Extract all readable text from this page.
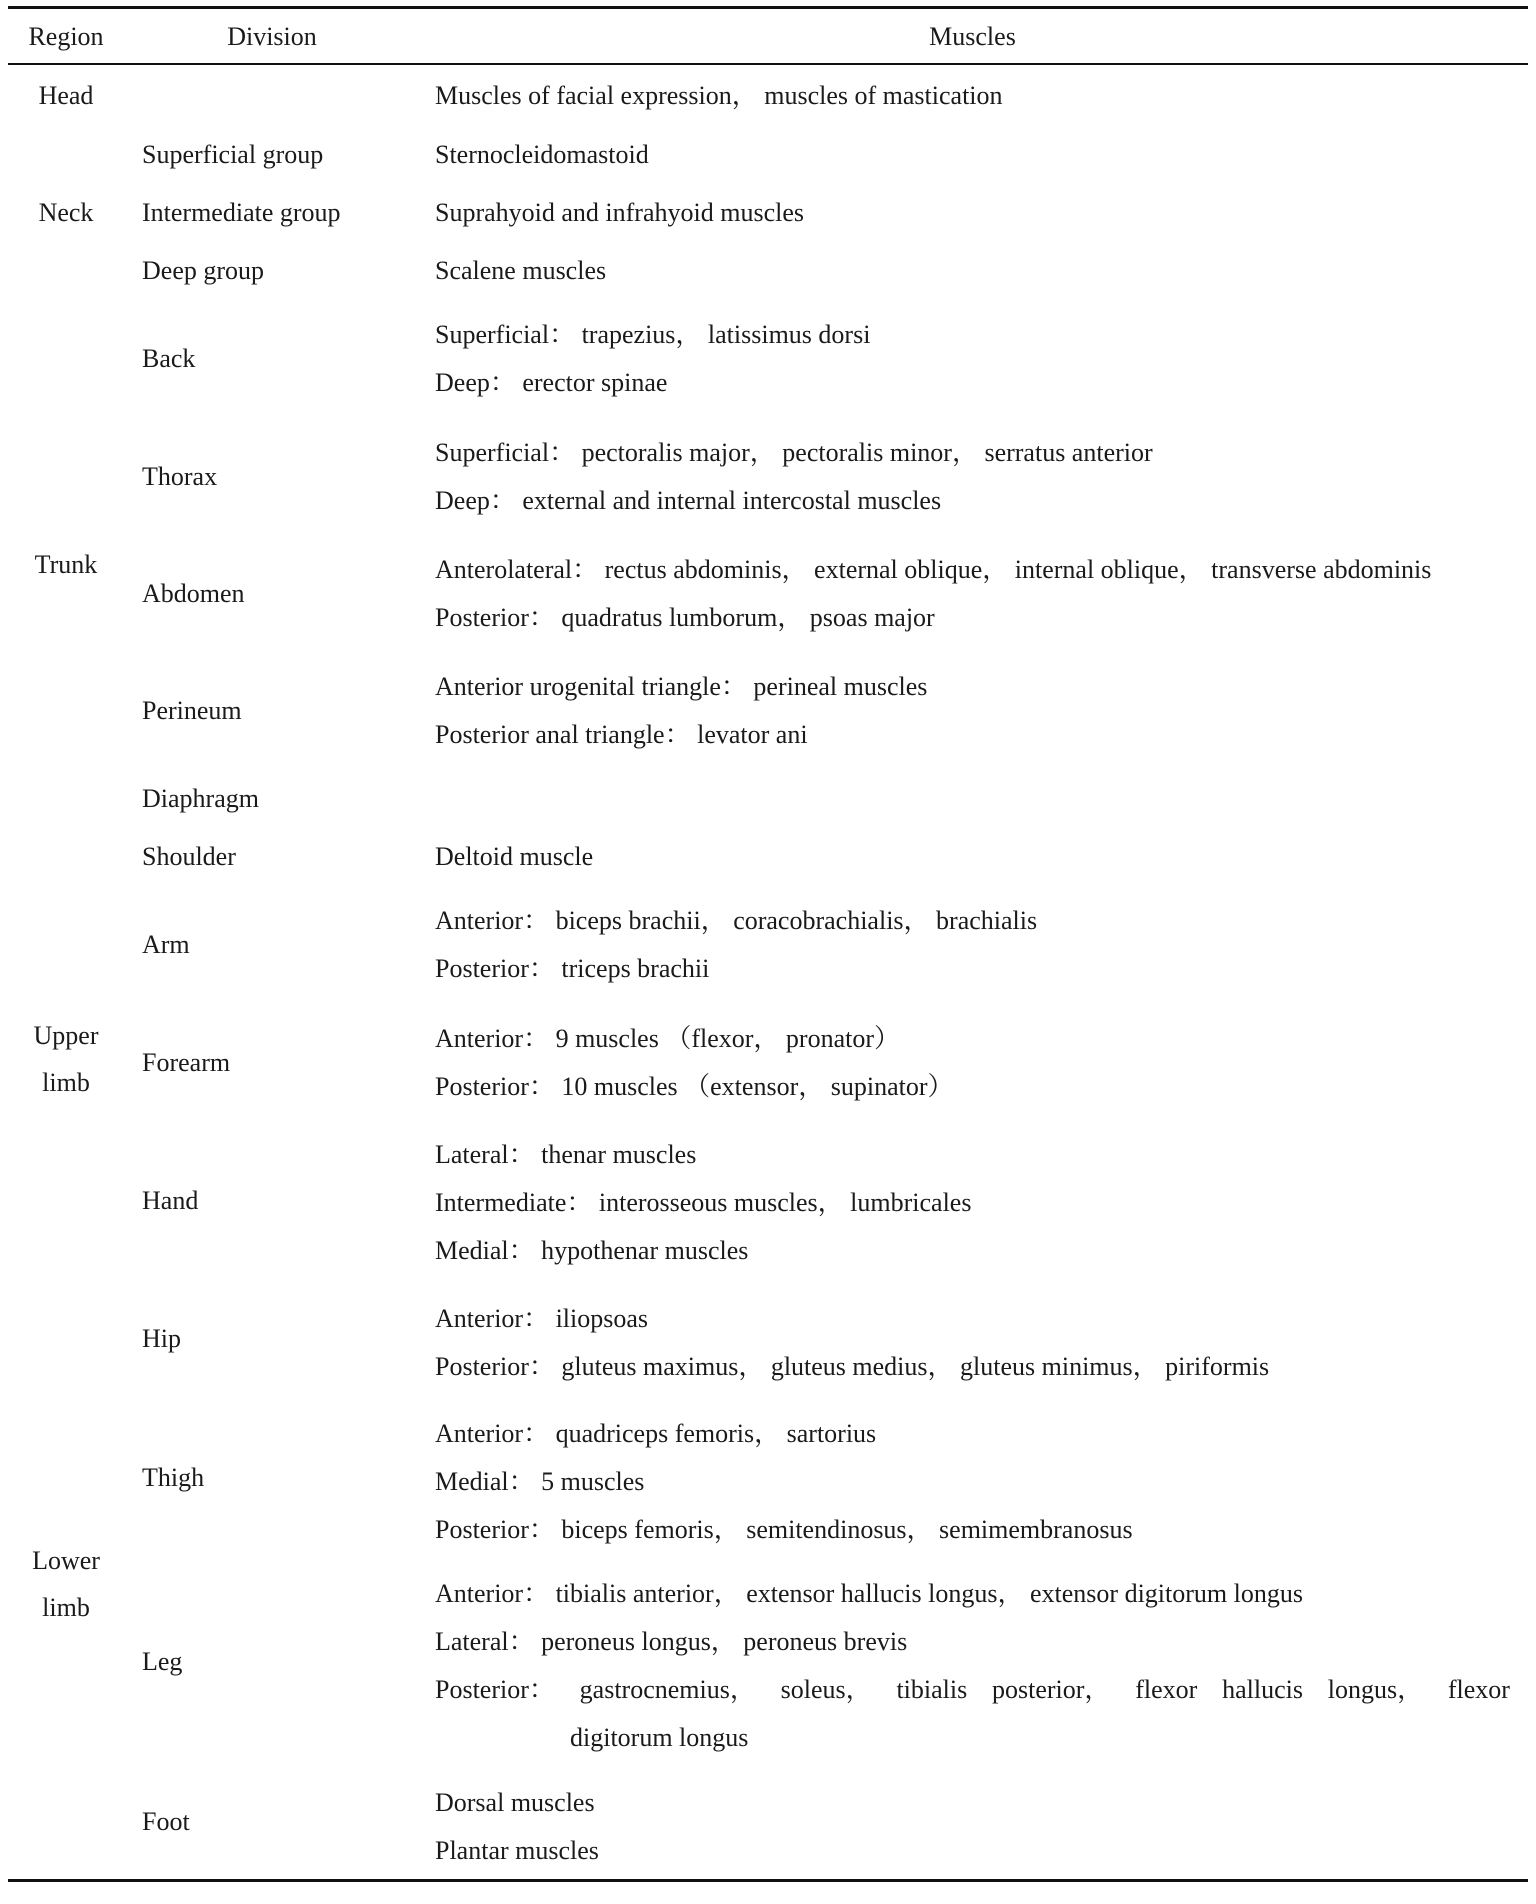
Region	Division	Muscles
Head
Neck
Trunk
Upper
limb
Lower
limb
Superficial group
Intermediate group
Deep group
Back
Thorax
Abdomen
Perineum
Diaphragm
Shoulder
Arm
Forearm
Hand
Hip
Thigh
Leg
Foot
Muscles of facial expression， muscles of mastication
Sternocleidomastoid
Suprahyoid and infrahyoid muscles
Scalene muscles
Superficial： trapezius， latissimus dorsi
Deep： erector spinae
Superficial： pectoralis major， pectoralis minor， serratus anterior
Deep： external and internal intercostal muscles
Anterolateral： rectus abdominis， external oblique， internal oblique， transverse abdominis
Posterior： quadratus lumborum， psoas major
Anterior urogenital triangle： perineal muscles
Posterior anal triangle： levator ani
Deltoid muscle
Anterior： biceps brachii， coracobrachialis， brachialis
Posterior： triceps brachii
Anterior： 9 muscles （flexor， pronator）
Posterior： 10 muscles （extensor， supinator）
Lateral： thenar muscles
Intermediate： interosseous muscles， lumbricales
Medial： hypothenar muscles
Anterior： iliopsoas
Posterior： gluteus maximus， gluteus medius， gluteus minimus， piriformis
Anterior： quadriceps femoris， sartorius
Medial： 5 muscles
Posterior： biceps femoris， semitendinosus， semimembranosus
Anterior： tibialis anterior， extensor hallucis longus， extensor digitorum longus
Lateral： peroneus longus， peroneus brevis
Posterior： gastrocnemius， soleus， tibialis posterior， flexor hallucis longus， flexor
digitorum longus
Dorsal muscles
Plantar muscles
